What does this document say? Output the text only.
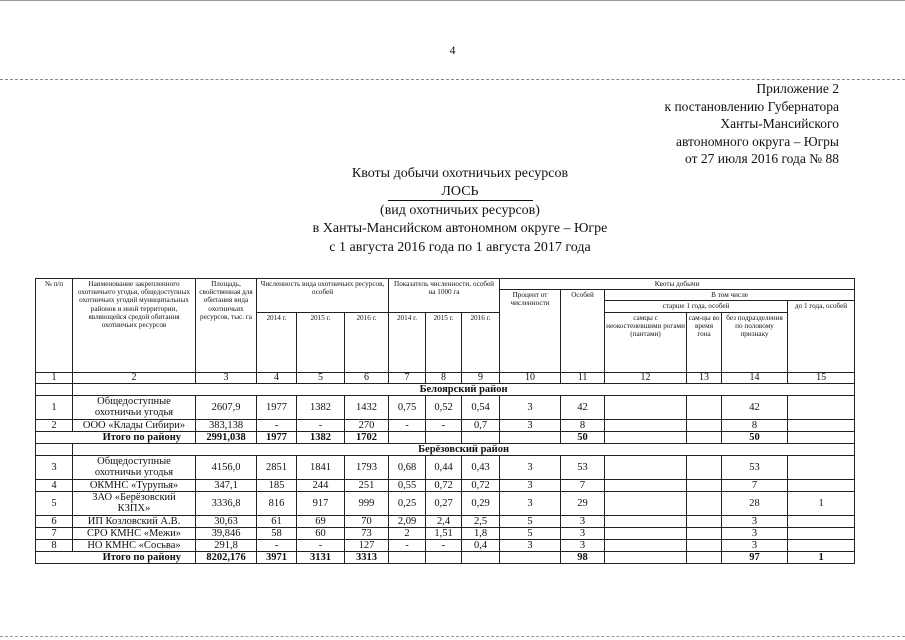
4
Приложение 2
к постановлению Губернатора
Ханты-Мансийского
автономного округа – Югры
от 27 июля 2016 года № 88
Квоты добычи охотничьих ресурсов
ЛОСЬ
(вид охотничьих ресурсов)
в Ханты-Мансийском автономном округе – Югре
с 1 августа 2016 года по 1 августа 2017 года
№ п/п	Наименование закрепленного охотничьего угодья, общедоступных охотничьих угодий муниципальных районов и иной территории, являющейся средой обитания охотничьих ресурсов	Площадь, свойственная для обитания вида охотничьих ресурсов, тыс. га	Численность вида охотничьих ресурсов, особей			Показатель численности, особей на 1000 га			Квоты добычи					
									Процент от численности	Особей	В том числе			
											старше 1 года, особей			до 1 года, особей
			2014 г.	2015 г.	2016 г.	2014 г.	2015 г.	2016 г.			самцы с неокостеневшими рогами (пантами)	сам-цы во время гона	без подразделения по половому признаку	
1	2	3	4	5	6	7	8	9	10	11	12	13	14	15
	Белоярский район													
1	Общедоступные охотничьи угодья	2607,9	1977	1382	1432	0,75	0,52	0,54	3	42			42	
2	ООО «Клады Сибири»	383,138	-	-	270	-	-	0,7	3	8			8	
Итого по району		2991,038	1977	1382	1702					50			50	
	Берёзовский район													
3	Общедоступные охотничьи угодья	4156,0	2851	1841	1793	0,68	0,44	0,43	3	53			53	
4	ОКМНС «Турупья»	347,1	185	244	251	0,55	0,72	0,72	3	7			7	
5	ЗАО «Берёзовский КЗПХ»	3336,8	816	917	999	0,25	0,27	0,29	3	29			28	1
6	ИП Козловский А.В.	30,63	61	69	70	2,09	2,4	2,5	5	3			3	
7	СРО КМНС «Межи»	39,846	58	60	73	2	1,51	1,8	5	3			3	
8	НО КМНС «Сосьва»	291,8	-	-	127	-	-	0,4	3	3			3	
Итого по району		8202,176	3971	3131	3313					98			97	1
